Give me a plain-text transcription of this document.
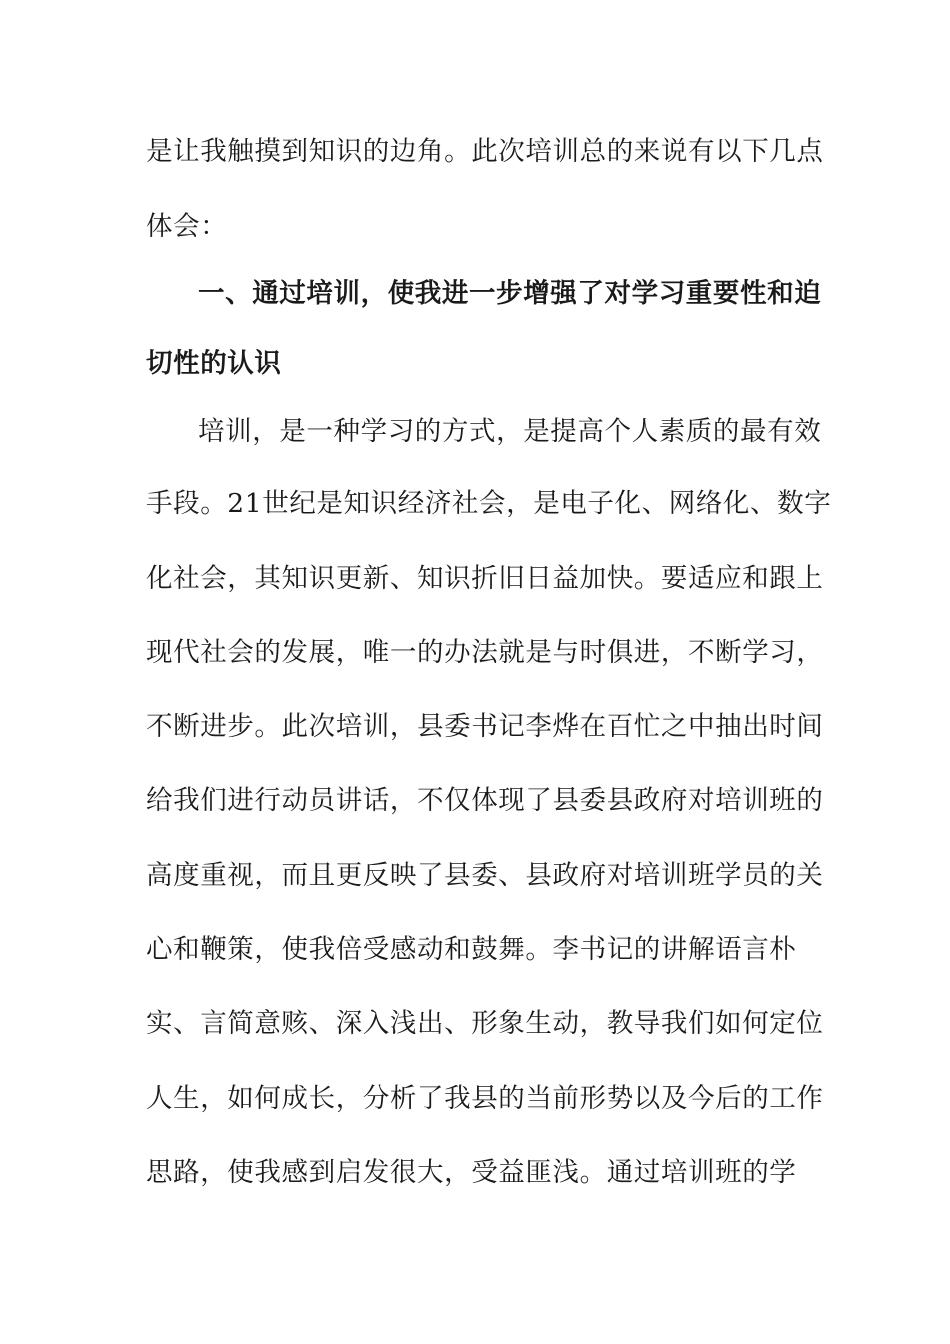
是让我触摸到知识的边角。此次培训总的来说有以下几点
体会：
一、通过培训，使我进一步增强了对学习重要性和迫
切性的认识
培训，是一种学习的方式，是提高个人素质的最有效
手段。21世纪是知识经济社会，是电子化、网络化、数字
化社会，其知识更新、知识折旧日益加快。要适应和跟上
现代社会的发展，唯一的办法就是与时俱进，不断学习，
不断进步。此次培训，县委书记李烨在百忙之中抽出时间
给我们进行动员讲话，不仅体现了县委县政府对培训班的
高度重视，而且更反映了县委、县政府对培训班学员的关
心和鞭策，使我倍受感动和鼓舞。李书记的讲解语言朴
实、言简意赅、深入浅出、形象生动，教导我们如何定位
人生，如何成长，分析了我县的当前形势以及今后的工作
思路，使我感到启发很大，受益匪浅。通过培训班的学
